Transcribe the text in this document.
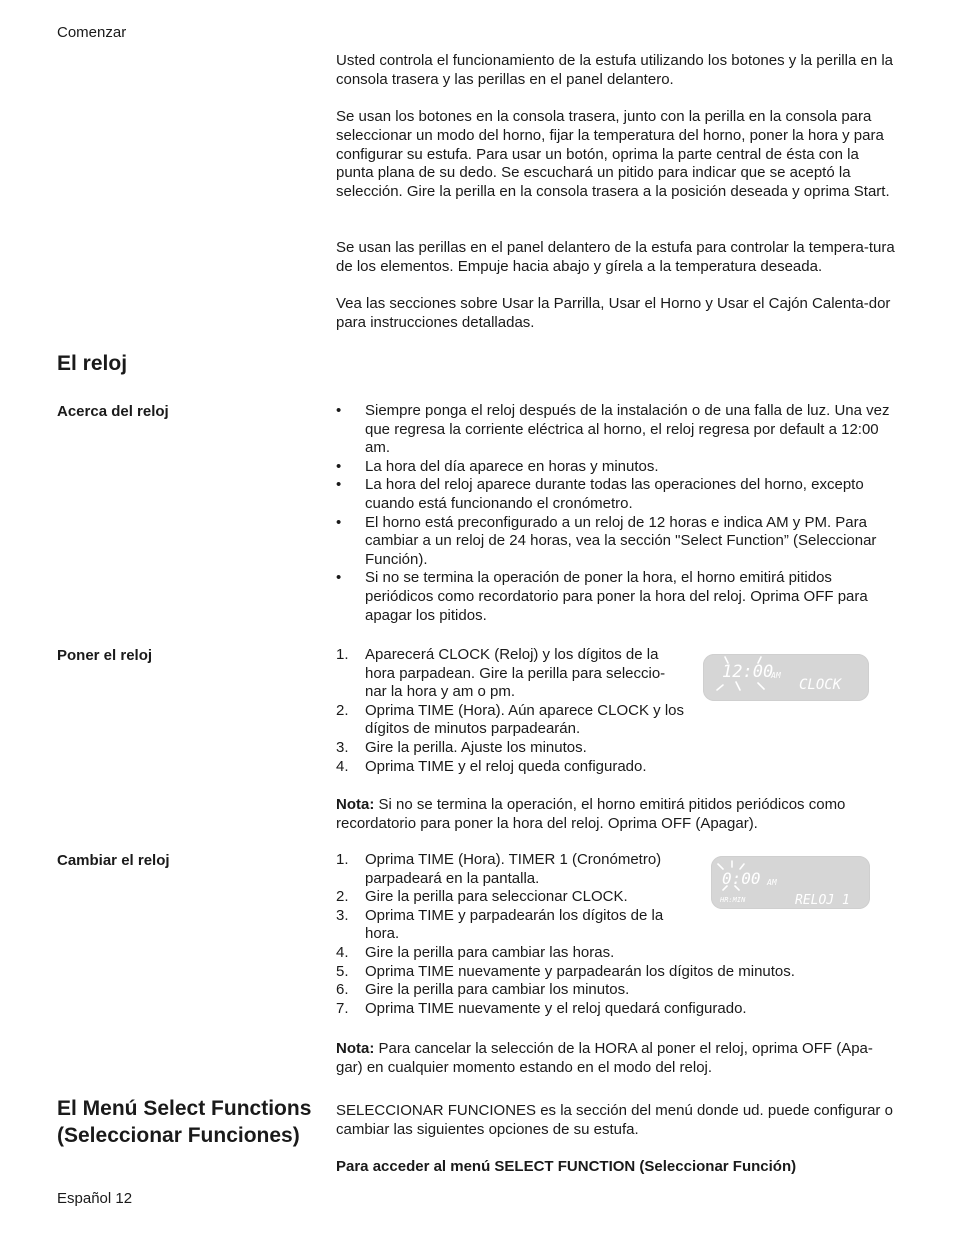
Comenzar
Español 12

Usted controla el funcionamiento de la estufa utilizando los botones y la perilla en la consola trasera y las perillas en el panel delantero.

Se usan los botones en la consola trasera, junto con la perilla en la consola para seleccionar un modo del horno, fijar la temperatura del horno, poner la hora y para configurar su estufa. Para usar un botón, oprima la parte central de ésta con la punta plana de su dedo. Se escuchará un pitido para indicar que se aceptó la selección. Gire la perilla en la consola trasera a la posición deseada y oprima Start.

Se usan las perillas en el panel delantero de la estufa para controlar la tempera-tura de los elementos. Empuje hacia abajo y gírela a la temperatura deseada.

Vea las secciones sobre Usar la Parrilla, Usar el Horno y Usar el Cajón Calenta-dor para instrucciones detalladas.

El reloj
Acerca del reloj	• Siempre ponga el reloj después de la instalación o de una falla de luz. Una vez que regresa la corriente eléctrica al horno, el reloj regresa por default a 12:00 am.
• La hora del día aparece en horas y minutos.
• La hora del reloj aparece durante todas las operaciones del horno, excepto cuando está funcionando el cronómetro.
• El horno está preconfigurado a un reloj de 12 horas e indica AM y PM. Para cambiar a un reloj de 24 horas, vea la sección "Select Function” (Seleccionar Función).
• Si no se termina la operación de poner la hora, el horno emitirá pitidos periódicos como recordatorio para poner la hora del reloj. Oprima OFF para apagar los pitidos.
Poner el reloj	1. Aparecerá CLOCK (Reloj) y los dígitos de la hora parpadean. Gire la perilla para seleccio-nar la hora y am o pm.
2. Oprima TIME (Hora). Aún aparece CLOCK y los dígitos de minutos parpadearán.
3. Gire la perilla. Ajuste los minutos.
4. Oprima TIME y el reloj queda configurado.
12:00
AM
CLOCK

Nota: Si no se termina la operación, el horno emitirá pitidos periódicos como recordatorio para poner la hora del reloj. Oprima OFF (Apagar).

Cambiar el reloj	1. Oprima TIME (Hora). TIMER 1 (Cronómetro) parpadeará en la pantalla.
2. Gire la perilla para seleccionar CLOCK.
3. Oprima TIME y parpadearán los dígitos de la hora.
4. Gire la perilla para cambiar las horas.
5. Oprima TIME nuevamente y parpadearán los dígitos de minutos.
6. Gire la perilla para cambiar los minutos.
7. Oprima TIME nuevamente y el reloj quedará configurado.
0:00 AM
HR:MIN	RELOJ 1

Nota: Para cancelar la selección de la HORA al poner el reloj, oprima OFF (Apa-gar) en cualquier momento estando en el modo del reloj.

El Menú Select Functions
(Seleccionar Funciones)

SELECCIONAR FUNCIONES es la sección del menú donde ud. puede configurar o cambiar las siguientes opciones de su estufa.

Para acceder al menú SELECT FUNCTION (Seleccionar Función)
